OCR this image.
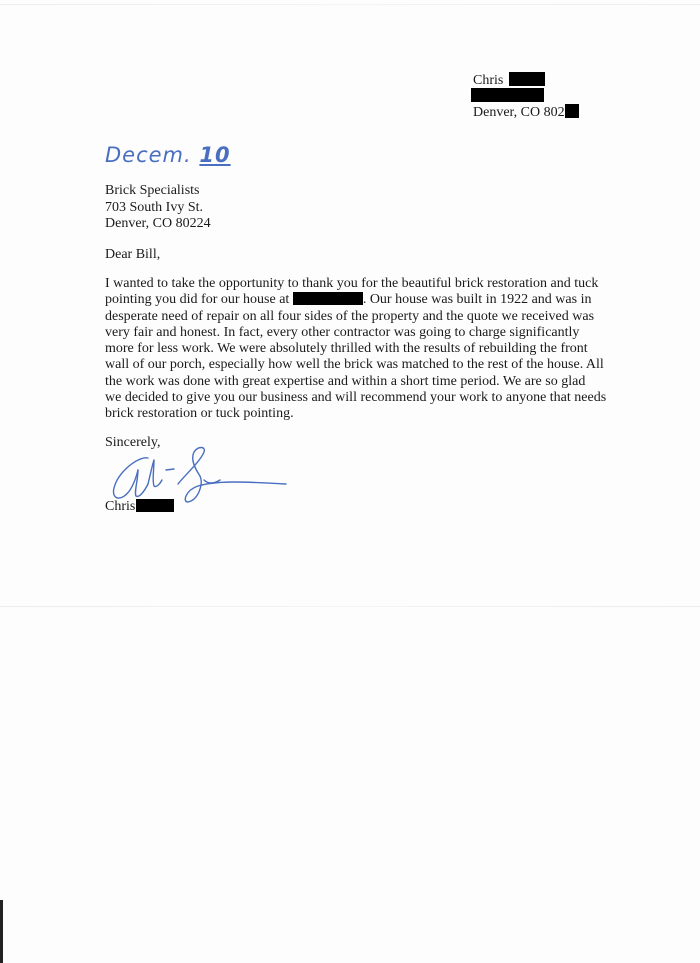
Chris
Denver, CO 802
Decem. 10
Brick Specialists
703 South Ivy St.
Denver, CO 80224
Dear Bill,
I wanted to take the opportunity to thank you for the beautiful brick restoration and tuck
pointing you did for our house at	. Our house was built in 1922 and was in
desperate need of repair on all four sides of the property and the quote we received was
very fair and honest. In fact, every other contractor was going to charge significantly
more for less work. We were absolutely thrilled with the results of rebuilding the front
wall of our porch, especially how well the brick was matched to the rest of the house. All
the work was done with great expertise and within a short time period. We are so glad
we decided to give you our business and will recommend your work to anyone that needs
brick restoration or tuck pointing.
Sincerely,
Chris
